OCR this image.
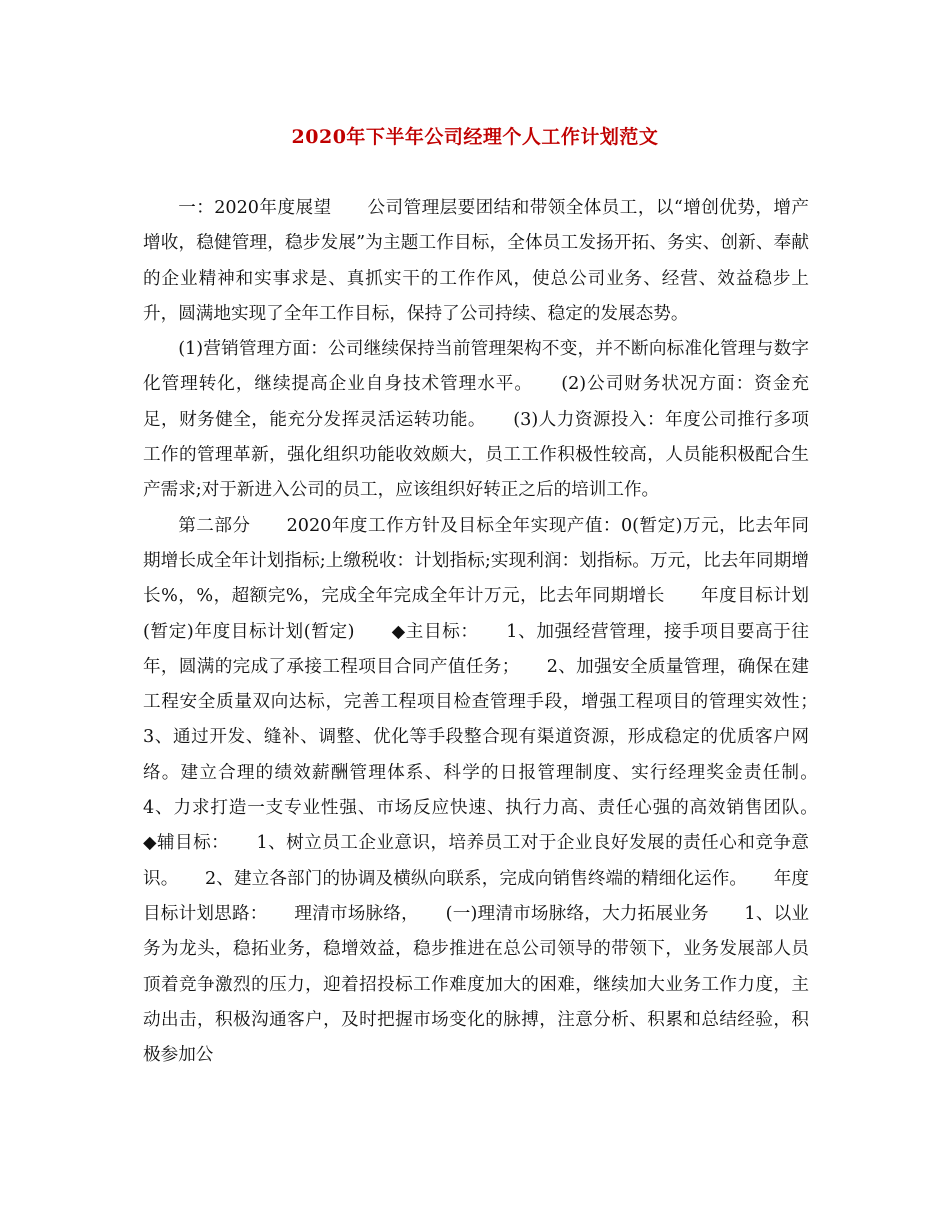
2020年下半年公司经理个人工作计划范文

一：2020年度展望　　公司管理层要团结和带领全体员工，以“增创优势，增产增收，稳健管理，稳步发展”为主题工作目标，全体员工发扬开拓、务实、创新、奉献的企业精神和实事求是、真抓实干的工作作风，使总公司业务、经营、效益稳步上升，圆满地实现了全年工作目标，保持了公司持续、稳定的发展态势。

(1)营销管理方面：公司继续保持当前管理架构不变，并不断向标准化管理与数字化管理转化，继续提高企业自身技术管理水平。　　(2)公司财务状况方面：资金充足，财务健全，能充分发挥灵活运转功能。　　(3)人力资源投入：年度公司推行多项工作的管理革新，强化组织功能收效颇大，员工工作积极性较高，人员能积极配合生产需求;对于新进入公司的员工，应该组织好转正之后的培训工作。

第二部分　　2020年度工作方针及目标全年实现产值：0(暂定)万元，比去年同期增长成全年计划指标;上缴税收：计划指标;实现利润：划指标。万元，比去年同期增长%，%，超额完%，完成全年完成全年计万元，比去年同期增长　　年度目标计划(暂定)年度目标计划(暂定)　　◆主目标：　　1、加强经营管理，接手项目要高于往年，圆满的完成了承接工程项目合同产值任务；　　2、加强安全质量管理，确保在建工程安全质量双向达标，完善工程项目检查管理手段，增强工程项目的管理实效性；　　3、通过开发、缝补、调整、优化等手段整合现有渠道资源，形成稳定的优质客户网络。建立合理的绩效薪酬管理体系、科学的日报管理制度、实行经理奖金责任制。　　4、力求打造一支专业性强、市场反应快速、执行力高、责任心强的高效销售团队。　　◆辅目标：　　1、树立员工企业意识，培养员工对于企业良好发展的责任心和竞争意识。　　2、建立各部门的协调及横纵向联系，完成向销售终端的精细化运作。　　年度目标计划思路：　　理清市场脉络，　　(一)理清市场脉络，大力拓展业务　　1、以业务为龙头，稳拓业务，稳增效益，稳步推进在总公司领导的带领下，业务发展部人员顶着竞争激烈的压力，迎着招投标工作难度加大的困难，继续加大业务工作力度，主动出击，积极沟通客户，及时把握市场变化的脉搏，注意分析、积累和总结经验，积极参加公
